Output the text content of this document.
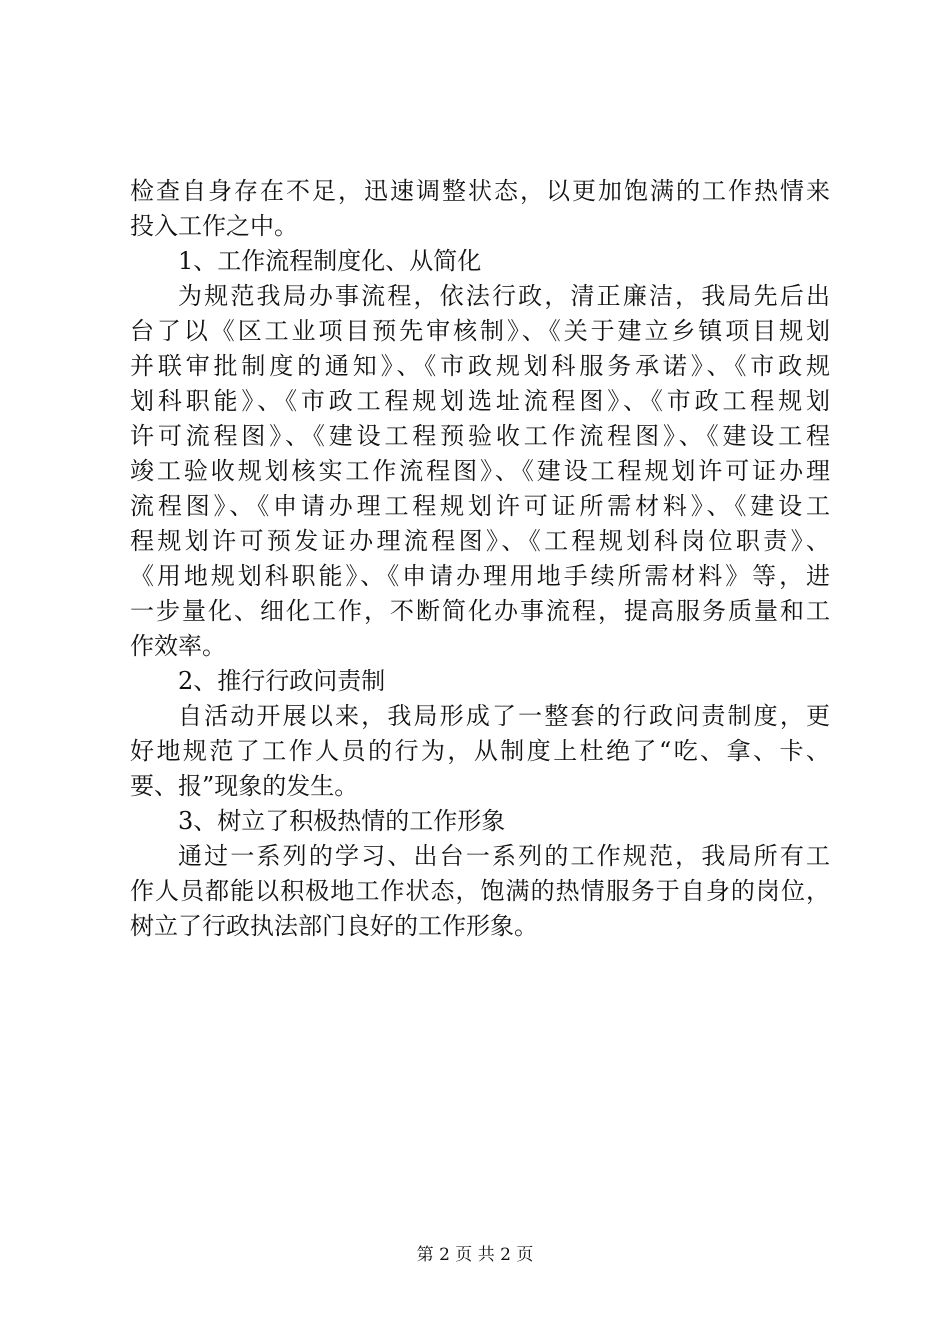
检查自身存在不足，迅速调整状态，以更加饱满的工作热情来
投入工作之中。
1、工作流程制度化、从简化
为规范我局办事流程，依法行政，清正廉洁，我局先后出
台了以《区工业项目预先审核制》、《关于建立乡镇项目规划
并联审批制度的通知》、《市政规划科服务承诺》、《市政规
划科职能》、《市政工程规划选址流程图》、《市政工程规划
许可流程图》、《建设工程预验收工作流程图》、《建设工程
竣工验收规划核实工作流程图》、《建设工程规划许可证办理
流程图》、《申请办理工程规划许可证所需材料》、《建设工
程规划许可预发证办理流程图》、《工程规划科岗位职责》、
《用地规划科职能》、《申请办理用地手续所需材料》等，进
一步量化、细化工作，不断简化办事流程，提高服务质量和工
作效率。
2、推行行政问责制
自活动开展以来，我局形成了一整套的行政问责制度，更
好地规范了工作人员的行为，从制度上杜绝了“吃、拿、卡、
要、报”现象的发生。
3、树立了积极热情的工作形象
通过一系列的学习、出台一系列的工作规范，我局所有工
作人员都能以积极地工作状态，饱满的热情服务于自身的岗位，
树立了行政执法部门良好的工作形象。
第 2 页 共 2 页
